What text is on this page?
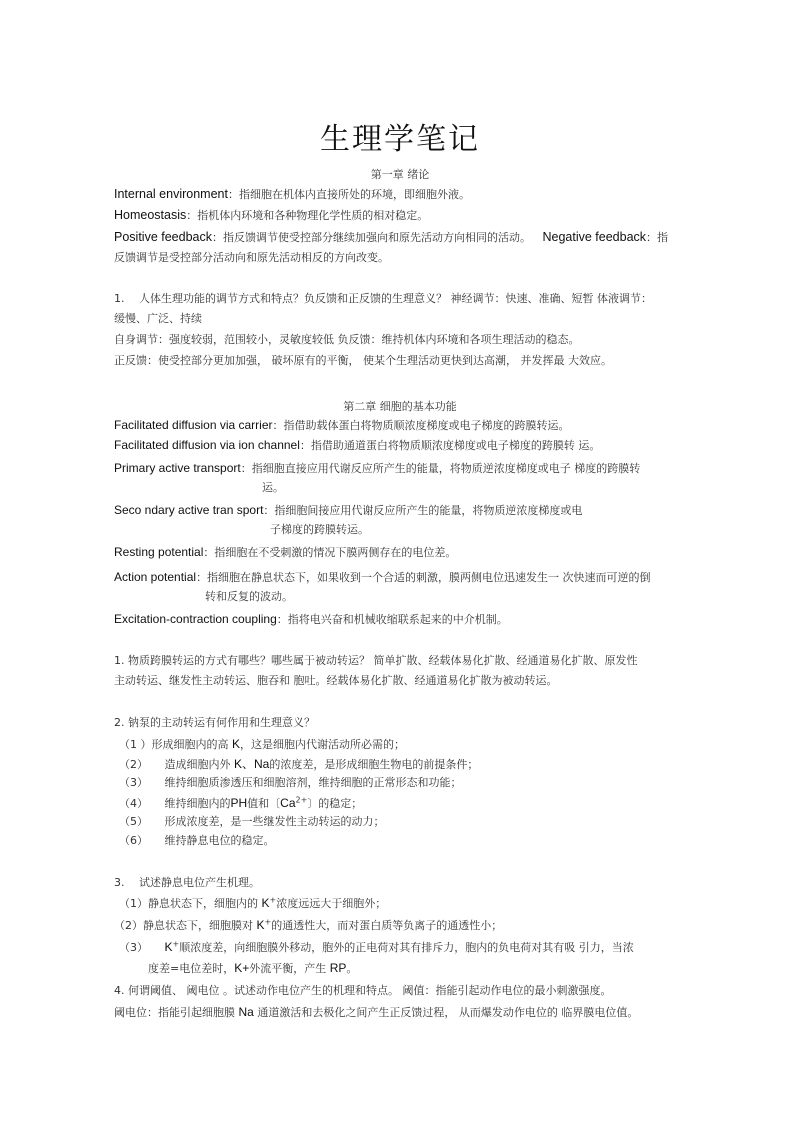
生理学笔记
第一章 绪论
Internal environment：指细胞在机体内直接所处的环境，即细胞外液。
Homeostasis：指机体内环境和各种物理化学性质的相对稳定。
Positive feedback：指反馈调节使受控部分继续加强向和原先活动方向相同的活动。 Negative feedback：指
反馈调节是受控部分活动向和原先活动相反的方向改变。
1.　 人体生理功能的调节方式和特点？负反馈和正反馈的生理意义？ 神经调节：快速、准确、短暂 体液调节：
缓慢、广泛、持续
自身调节：强度较弱，范围较小，灵敏度较低 负反馈：维持机体内环境和各项生理活动的稳态。
正反馈：使受控部分更加加强， 破坏原有的平衡， 使某个生理活动更快到达高潮， 并发挥最 大效应。
第二章 细胞的基本功能
Facilitated diffusion via carrier：指借助载体蛋白将物质顺浓度梯度或电子梯度的跨膜转运。
Facilitated diffusion via ion channel：指借助通道蛋白将物质顺浓度梯度或电子梯度的跨膜转 运。
Primary active transport：指细胞直接应用代谢反应所产生的能量，将物质逆浓度梯度或电子 梯度的跨膜转
运。
Seco ndary active tran sport：指细胞间接应用代谢反应所产生的能量，将物质逆浓度梯度或电
子梯度的跨膜转运。
Resting potential：指细胞在不受刺激的情况下膜两侧存在的电位差。
Action potential：指细胞在静息状态下，如果收到一个合适的刺激，膜两侧电位迅速发生一 次快速而可逆的倒
转和反复的波动。
Excitation-contraction coupling：指将电兴奋和机械收缩联系起来的中介机制。
1. 物质跨膜转运的方式有哪些？哪些属于被动转运？ 简单扩散、经载体易化扩散、经通道易化扩散、原发性
主动转运、继发性主动转运、胞吞和 胞吐。经载体易化扩散、经通道易化扩散为被动转运。
2. 钠泵的主动转运有何作用和生理意义？
（1 ）形成细胞内的高 K，这是细胞内代谢活动所必需的；
（2）　　造成细胞内外 K、Na的浓度差，是形成细胞生物电的前提条件；
（3）　　维持细胞质渗透压和细胞溶剂，维持细胞的正常形态和功能；
（4）　　维持细胞内的PH值和〔$Ca^{2+}$〕的稳定；
（5）　　形成浓度差，是一些继发性主动转运的动力；
（6）　　维持静息电位的稳定。
3.　 试述静息电位产生机理。
（1）静息状态下，细胞内的 K+浓度远远大于细胞外；
（2）静息状态下，细胞膜对 K+的通透性大，而对蛋白质等负离子的通透性小；
（3）　　K+顺浓度差，向细胞膜外移动，胞外的正电荷对其有排斥力，胞内的负电荷对其有吸 引力，当浓
度差=电位差时，K+外流平衡，产生 RP。
4. 何谓阈值、 阈电位 。试述动作电位产生的机理和特点。 阈值：指能引起动作电位的最小刺激强度。
阈电位：指能引起细胞膜 Na 通道激活和去极化之间产生正反馈过程， 从而爆发动作电位的 临界膜电位值。
